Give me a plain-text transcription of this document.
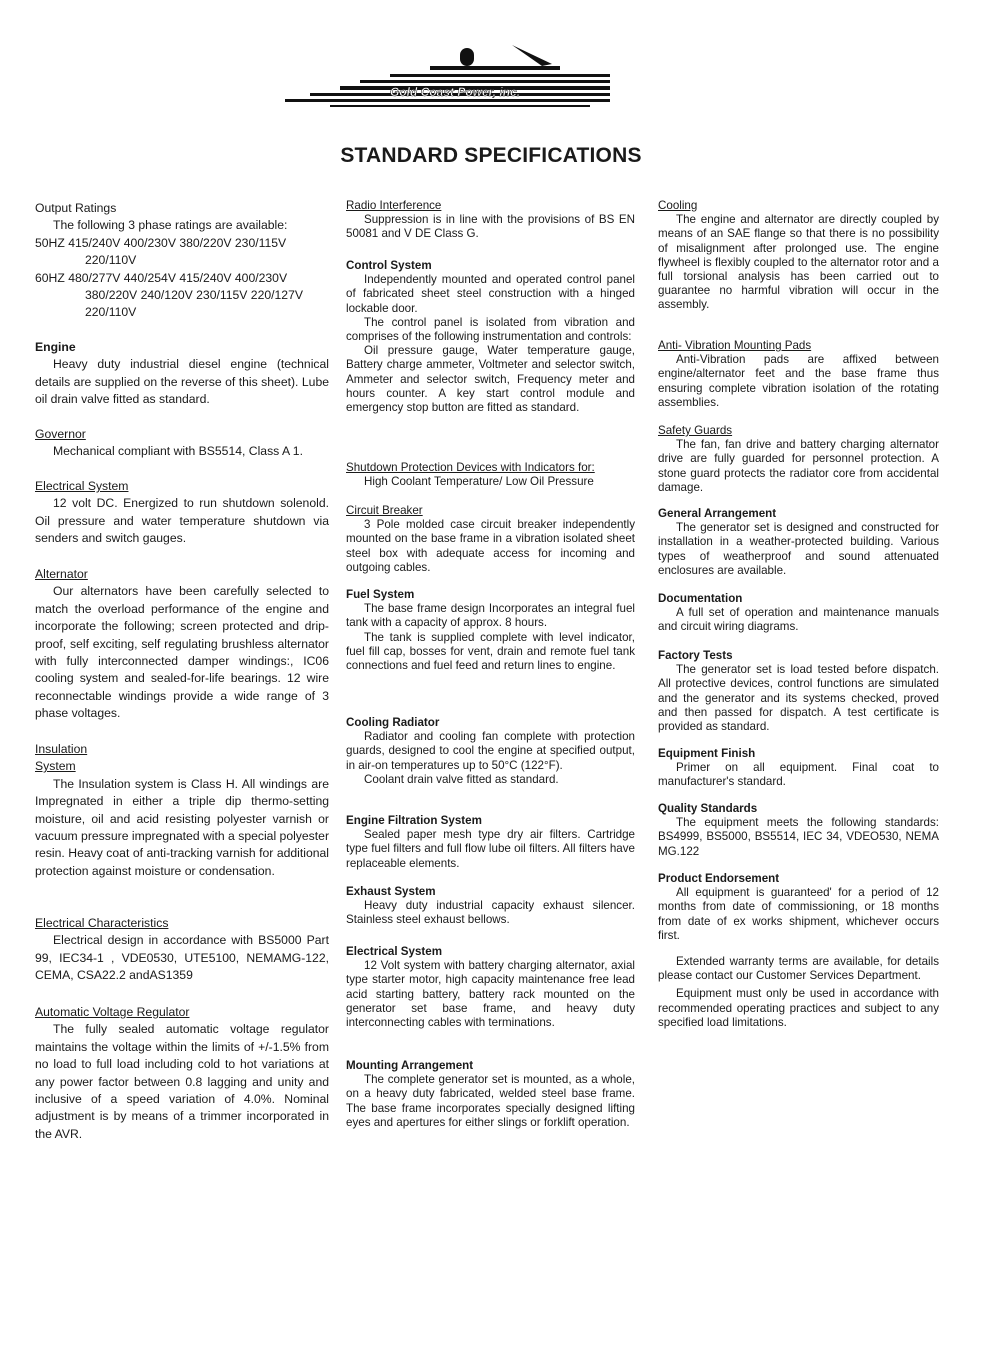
Gold Coast Power, inc.
STANDARD SPECIFICATIONS
Output Ratings
The following 3 phase ratings are available:
50HZ 415/240V 400/230V 380/220V 230/115V
220/110V
60HZ 480/277V 440/254V 415/240V 400/230V
380/220V 240/120V 230/115V 220/127V
220/110V
Engine
Heavy duty industrial diesel engine (technical details are supplied on the reverse of this sheet). Lube oil drain valve fitted as standard.
Governor
Mechanical compliant with BS5514, Class A 1.
Electrical System
12 volt DC. Energized to run shutdown solenold. Oil pressure and water temperature shutdown via senders and switch gauges.
Alternator
Our alternators have been carefully selected to match the overload performance of the engine and incorporate the following; screen protected and drip-proof, self exciting, self regulating brushless alternator with fully interconnected damper windings:, IC06 cooling system and sealed-for-life bearings. 12 wire reconnectable windings provide a wide range of 3 phase voltages.
Insulation
System
The Insulation system is Class H. All windings are Impregnated in either a triple dip thermo-setting moisture, oil and acid resisting polyester varnish or vacuum pressure impregnated with a special polyester resin. Heavy coat of anti-tracking varnish for additional protection against moisture or condensation.
Electrical Characteristics
Electrical design in accordance with BS5000 Part 99, IEC34-1 , VDE0530, UTE5100, NEMAMG-122, CEMA, CSA22.2 andAS1359
Automatic Voltage Regulator
The fully sealed automatic voltage regulator maintains the voltage within the limits of +/-1.5% from no load to full load including cold to hot variations at any power factor between 0.8 lagging and unity and inclusive of a speed variation of 4.0%. Nominal adjustment is by means of a trimmer incorporated in the AVR.
Radio Interference
Suppression is in line with the provisions of BS EN 50081 and V DE Class G.
Control System
Independently mounted and operated control panel of fabricated sheet steel construction with a hinged lockable door.
The control panel is isolated from vibration and comprises of the following instrumentation and controls:
Oil pressure gauge, Water temperature gauge, Battery charge ammeter, Voltmeter and selector switch, Ammeter and selector switch, Frequency meter and hours counter. A key start control module and emergency stop button are fitted as standard.
Shutdown Protection Devices with Indicators for:
High Coolant Temperature/ Low Oil Pressure
Circuit Breaker
3 Pole molded case circuit breaker independently mounted on the base frame in a vibration isolated sheet steel box with adequate access for incoming and outgoing cables.
Fuel System
The base frame design Incorporates an integral fuel tank with a capacity of approx. 8 hours.
The tank is supplied complete with level indicator, fuel fill cap, bosses for vent, drain and remote fuel tank connections and fuel feed and return lines to engine.
Cooling Radiator
Radiator and cooling fan complete with protection guards, designed to cool the engine at specified output, in air-on temperatures up to 50°C (122°F).
Coolant drain valve fitted as standard.
Engine Filtration System
Sealed paper mesh type dry air filters. Cartridge type fuel filters and full flow lube oil filters. All filters have replaceable elements.
Exhaust System
Heavy duty industrial capacity exhaust silencer. Stainless steel exhaust bellows.
Electrical System
12 Volt system with battery charging alternator, axial type starter motor, high capacity maintenance free lead acid starting battery, battery rack mounted on the generator set base frame, and heavy duty interconnecting cables with terminations.
Mounting Arrangement
The complete generator set is mounted, as a whole, on a heavy duty fabricated, welded steel base frame. The base frame incorporates specially designed lifting eyes and apertures for either slings or forklift operation.
Cooling
The engine and alternator are directly coupled by means of an SAE flange so that there is no possibility of misalignment after prolonged use. The engine flywheel is flexibly coupled to the alternator rotor and a full torsional analysis has been carried out to guarantee no harmful vibration will occur in the assembly.
Anti- Vibration Mounting Pads
Anti-Vibration pads are affixed between engine/alternator feet and the base frame thus ensuring complete vibration isolation of the rotating assemblies.
Safety Guards
The fan, fan drive and battery charging alternator drive are fully guarded for personnel protection. A stone guard protects the radiator core from accidental damage.
General Arrangement
The generator set is designed and constructed for installation in a weather-protected building. Various types of weatherproof and sound attenuated enclosures are available.
Documentation
A full set of operation and maintenance manuals and circuit wiring diagrams.
Factory Tests
The generator set is load tested before dispatch. All protective devices, control functions are simulated and the generator and its systems checked, proved and then passed for dispatch. A test certificate is provided as standard.
Equipment Finish
Primer on all equipment. Final coat to manufacturer's standard.
Quality Standards
The equipment meets the following standards: BS4999, BS5000, BS5514, IEC 34, VDEO530, NEMA MG.122
Product Endorsement
All equipment is guaranteed' for a period of 12 months from date of commissioning, or 18 months from date of ex works shipment, whichever occurs first.
Extended warranty terms are available, for details please contact our Customer Services Department.
Equipment must only be used in accordance with recommended operating practices and subject to any specified load limitations.
